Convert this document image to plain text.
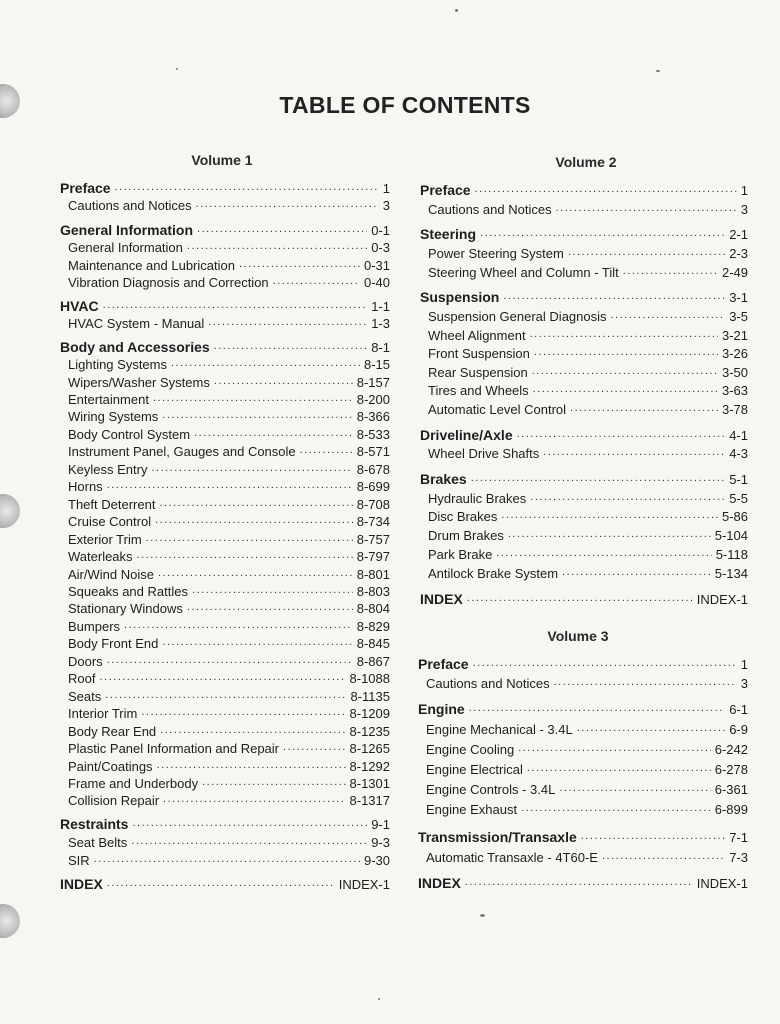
TABLE OF CONTENTS
Volume 1
Preface .....	1
Cautions and Notices .....	3
General Information .....	0-1
General Information .....	0-3
Maintenance and Lubrication .....	0-31
Vibration Diagnosis and Correction .....	0-40
HVAC .....	1-1
HVAC System - Manual .....	1-3
Body and Accessories .....	8-1
Lighting Systems .....	8-15
Wipers/Washer Systems .....	8-157
Entertainment .....	8-200
Wiring Systems .....	8-366
Body Control System .....	8-533
Instrument Panel, Gauges and Console .....	8-571
Keyless Entry .....	8-678
Horns .....	8-699
Theft Deterrent .....	8-708
Cruise Control .....	8-734
Exterior Trim .....	8-757
Waterleaks .....	8-797
Air/Wind Noise .....	8-801
Squeaks and Rattles .....	8-803
Stationary Windows .....	8-804
Bumpers .....	8-829
Body Front End .....	8-845
Doors .....	8-867
Roof .....	8-1088
Seats .....	8-1135
Interior Trim .....	8-1209
Body Rear End .....	8-1235
Plastic Panel Information and Repair .....	8-1265
Paint/Coatings .....	8-1292
Frame and Underbody .....	8-1301
Collision Repair .....	8-1317
Restraints .....	9-1
Seat Belts .....	9-3
SIR .....	9-30
INDEX .....	INDEX-1
Volume 2
Preface .....	1
Cautions and Notices .....	3
Steering .....	2-1
Power Steering System .....	2-3
Steering Wheel and Column - Tilt .....	2-49
Suspension .....	3-1
Suspension General Diagnosis .....	3-5
Wheel Alignment .....	3-21
Front Suspension .....	3-26
Rear Suspension .....	3-50
Tires and Wheels .....	3-63
Automatic Level Control .....	3-78
Driveline/Axle .....	4-1
Wheel Drive Shafts .....	4-3
Brakes .....	5-1
Hydraulic Brakes .....	5-5
Disc Brakes .....	5-86
Drum Brakes .....	5-104
Park Brake .....	5-118
Antilock Brake System .....	5-134
INDEX .....	INDEX-1
Volume 3
Preface .....	1
Cautions and Notices .....	3
Engine .....	6-1
Engine Mechanical - 3.4L .....	6-9
Engine Cooling .....	6-242
Engine Electrical .....	6-278
Engine Controls - 3.4L .....	6-361
Engine Exhaust .....	6-899
Transmission/Transaxle .....	7-1
Automatic Transaxle - 4T60-E .....	7-3
INDEX .....	INDEX-1
